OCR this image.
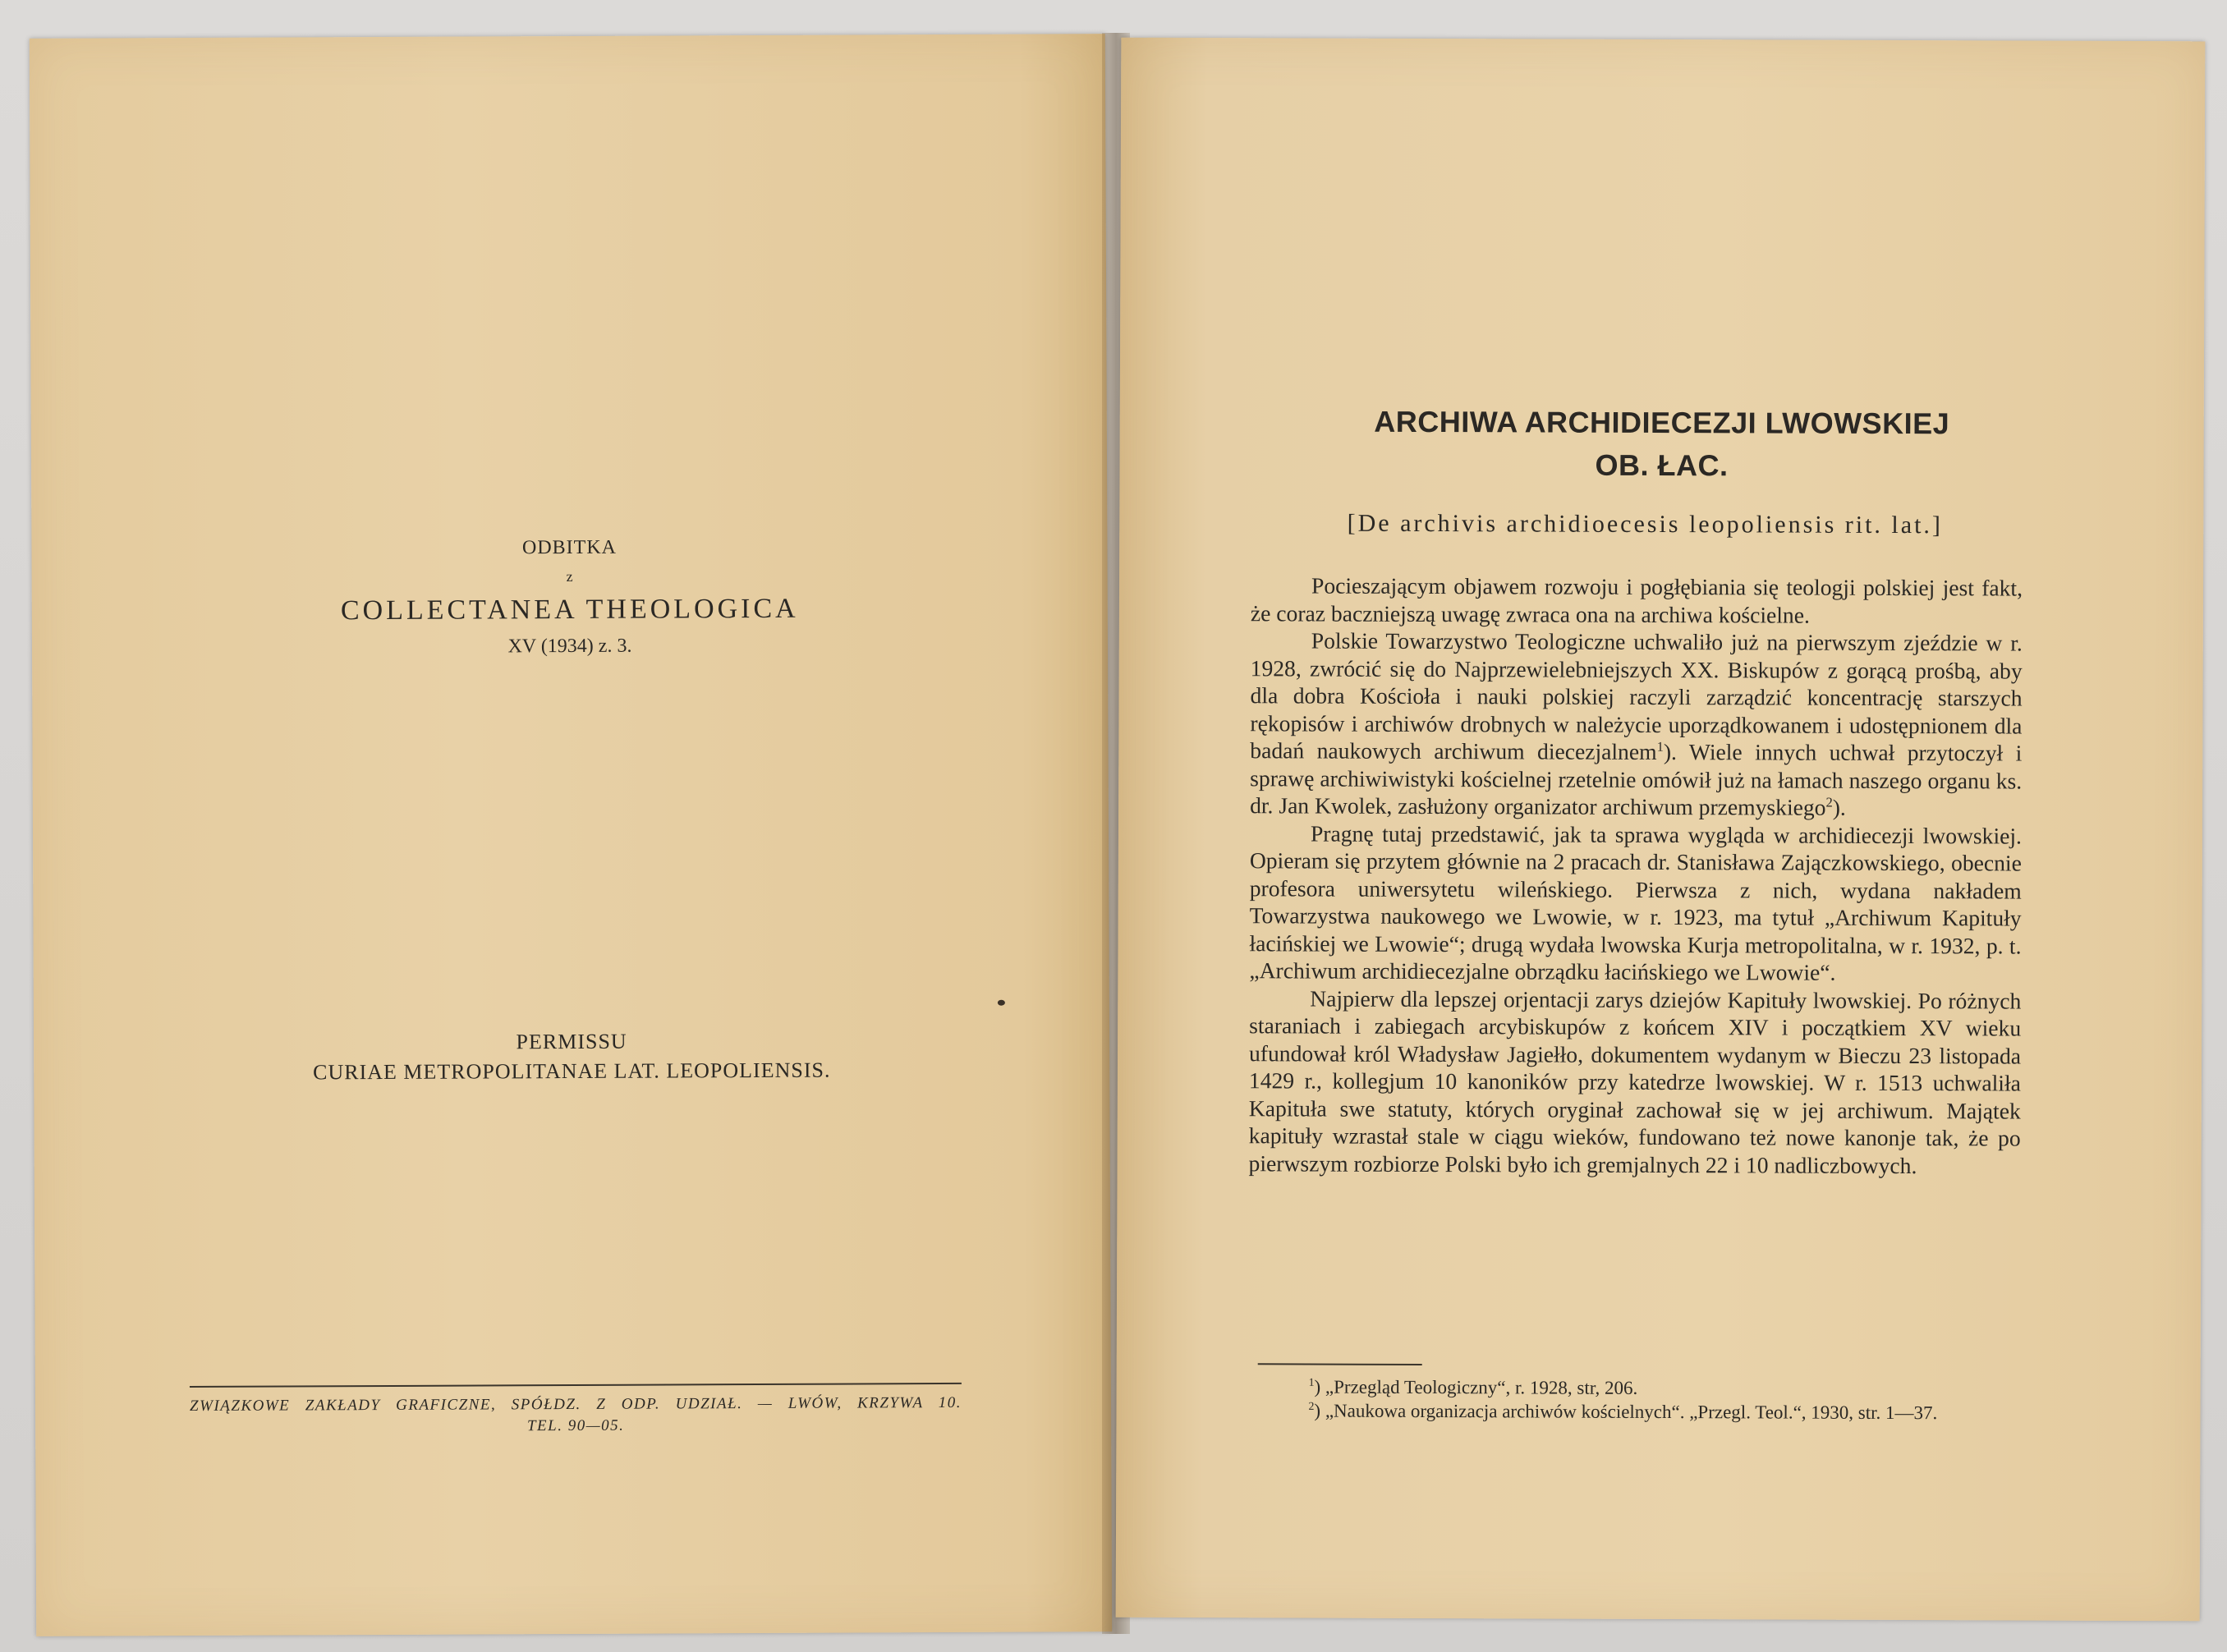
ODBITKA
z
COLLECTANEA THEOLOGICA
XV (1934) z. 3.
PERMISSU
CURIAE METROPOLITANAE LAT. LEOPOLIENSIS.
ZWIĄZKOWE ZAKŁADY GRAFICZNE, SPÓŁDZ. Z ODP. UDZIAŁ. — LWÓW, KRZYWA 10.
TEL. 90—05.
ARCHIWA ARCHIDIECEZJI LWOWSKIEJ
OB. ŁAC.
[De archivis archidioecesis leopoliensis rit. lat.]

Pocieszającym objawem rozwoju i pogłębiania się teologji polskiej jest fakt, że coraz baczniejszą uwagę zwraca ona na archiwa kościelne.

Polskie Towarzystwo Teologiczne uchwaliło już na pierwszym zjeździe w r. 1928, zwrócić się do Najprzewielebniejszych XX. Biskupów z gorącą prośbą, aby dla dobra Kościoła i nauki polskiej raczyli zarządzić koncentrację starszych rękopisów i archiwów drobnych w należycie uporządkowanem i udostępnionem dla badań naukowych archiwum diecezjalnem$^1$). Wiele innych uchwał przytoczył i sprawę archiwiwistyki kościelnej rzetelnie omówił już na łamach naszego organu ks. dr. Jan Kwolek, zasłużony organizator archiwum przemyskiego$^2$).

Pragnę tutaj przedstawić, jak ta sprawa wygląda w archidiecezji lwowskiej. Opieram się przytem głównie na 2 pracach dr. Stanisława Zajączkowskiego, obecnie profesora uniwersytetu wileńskiego. Pierwsza z nich, wydana nakładem Towarzystwa naukowego we Lwowie, w r. 1923, ma tytuł „Archiwum Kapituły łacińskiej we Lwowie“; drugą wydała lwowska Kurja metropolitalna, w r. 1932, p. t. „Archiwum archidiecezjalne obrządku łacińskiego we Lwowie“.

Najpierw dla lepszej orjentacji zarys dziejów Kapituły lwowskiej. Po różnych staraniach i zabiegach arcybiskupów z końcem XIV i początkiem XV wieku ufundował król Władysław Jagiełło, dokumentem wydanym w Bieczu 23 listopada 1429 r., kollegjum 10 kanoników przy katedrze lwowskiej. W r. 1513 uchwaliła Kapituła swe statuty, których oryginał zachował się w jej archiwum. Majątek kapituły wzrastał stale w ciągu wieków, fundowano też nowe kanonje tak, że po pierwszym rozbiorze Polski było ich gremjalnych 22 i 10 nadliczbowych.

$^1$) „Przegląd Teologiczny“, r. 1928, str, 206.

$^2$) „Naukowa organizacja archiwów kościelnych“. „Przegl. Teol.“, 1930, str. 1—37.
